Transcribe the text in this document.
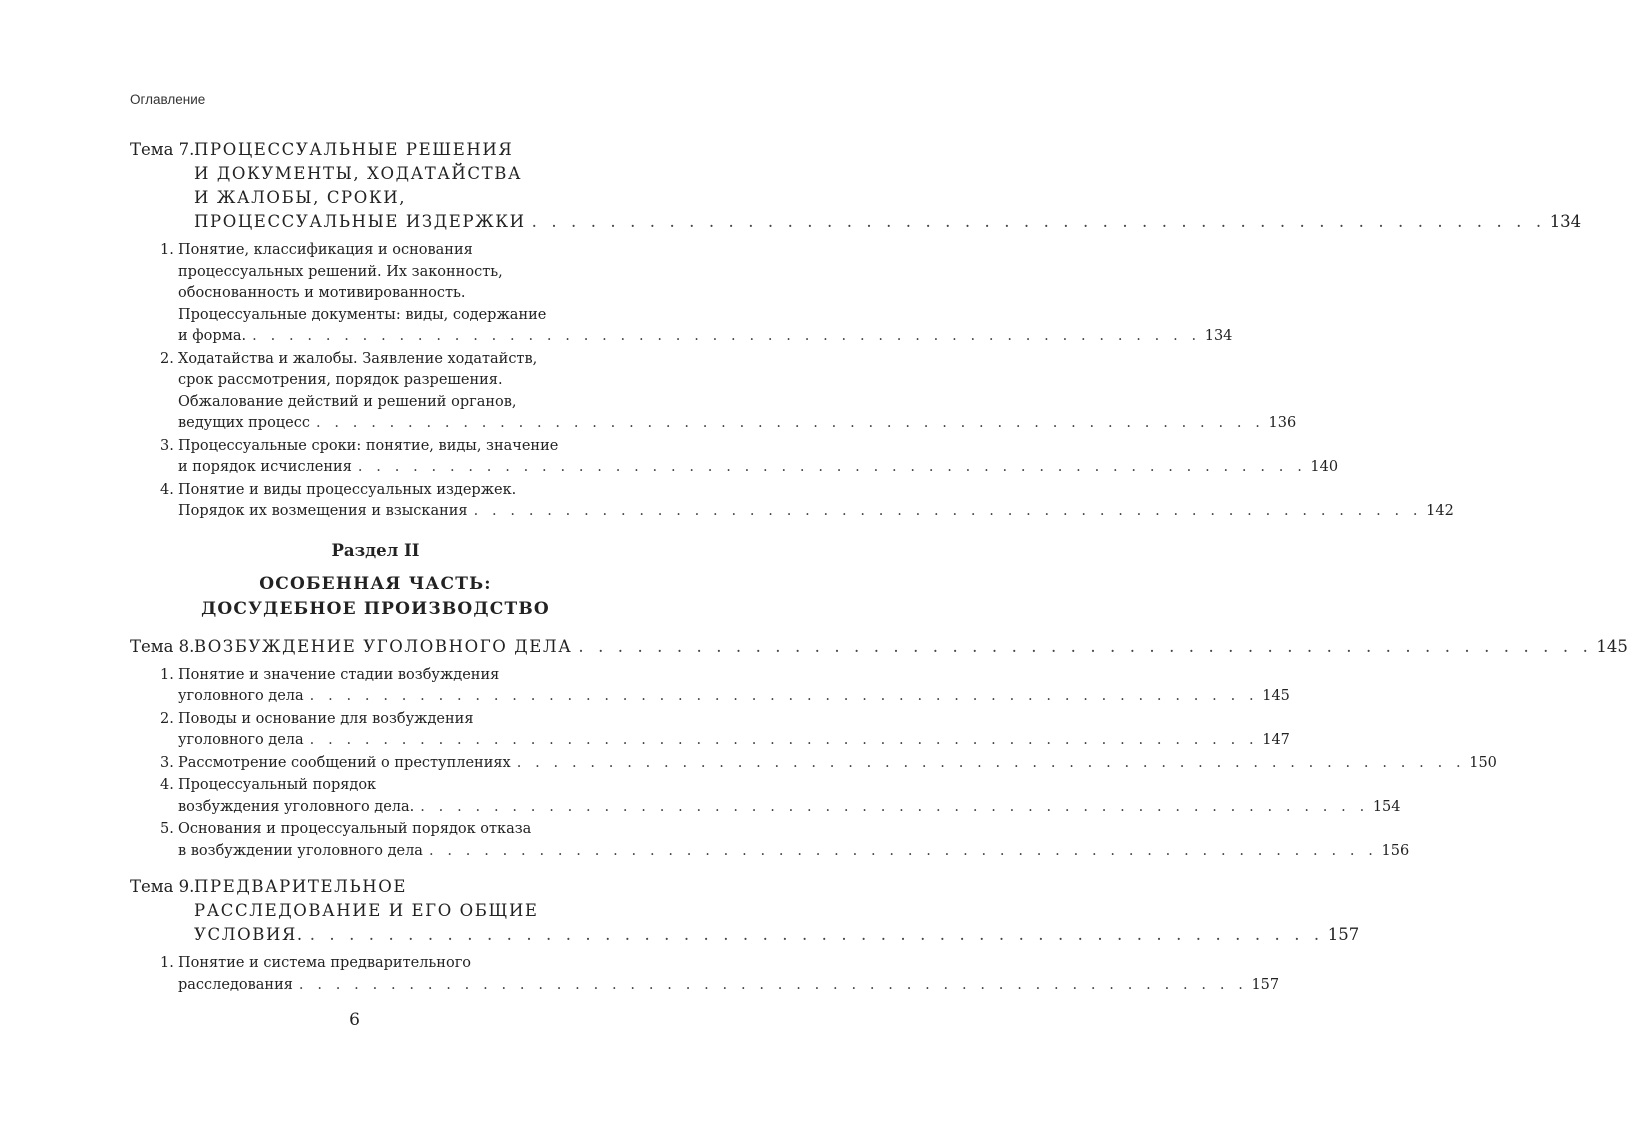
Оглавление
Тема 7. ПРОЦЕССУАЛЬНЫЕ РЕШЕНИЯ
И ДОКУМЕНТЫ, ХОДАТАЙСТВА
И ЖАЛОБЫ, СРОКИ,
ПРОЦЕССУАЛЬНЫЕ ИЗДЕРЖКИ . . . . . . . . . . . . . . . . . . . . . . . . . . . . . . . . . . . . . . . . . . . . . . . . . . . . 134
1. Понятие, классификация и основания
процессуальных решений. Их законность,
обоснованность и мотивированность.
Процессуальные документы: виды, содержание
и форма. . . . . . . . . . . . . . . . . . . . . . . . . . . . . . . . . . . . . . . . . . . . . . . . . . . . . 134
2. Ходатайства и жалобы. Заявление ходатайств,
срок рассмотрения, порядок разрешения.
Обжалование действий и решений органов,
ведущих процесс . . . . . . . . . . . . . . . . . . . . . . . . . . . . . . . . . . . . . . . . . . . . . . . . . . . . 136
3. Процессуальные сроки: понятие, виды, значение
и порядок исчисления . . . . . . . . . . . . . . . . . . . . . . . . . . . . . . . . . . . . . . . . . . . . . . . . . . . . 140
4. Понятие и виды процессуальных издержек.
Порядок их возмещения и взыскания . . . . . . . . . . . . . . . . . . . . . . . . . . . . . . . . . . . . . . . . . . . . . . . . . . . . 142
Раздел II
ОСОБЕННАЯ ЧАСТЬ:
ДОСУДЕБНОЕ ПРОИЗВОДСТВО
Тема 8. ВОЗБУЖДЕНИЕ УГОЛОВНОГО ДЕЛА . . . . . . . . . . . . . . . . . . . . . . . . . . . . . . . . . . . . . . . . . . . . . . . . . . . . 145
1. Понятие и значение стадии возбуждения
уголовного дела . . . . . . . . . . . . . . . . . . . . . . . . . . . . . . . . . . . . . . . . . . . . . . . . . . . . 145
2. Поводы и основание для возбуждения
уголовного дела . . . . . . . . . . . . . . . . . . . . . . . . . . . . . . . . . . . . . . . . . . . . . . . . . . . . 147
3. Рассмотрение сообщений о преступлениях . . . . . . . . . . . . . . . . . . . . . . . . . . . . . . . . . . . . . . . . . . . . . . . . . . . . 150
4. Процессуальный порядок
возбуждения уголовного дела. . . . . . . . . . . . . . . . . . . . . . . . . . . . . . . . . . . . . . . . . . . . . . . . . . . . . 154
5. Основания и процессуальный порядок отказа
в возбуждении уголовного дела . . . . . . . . . . . . . . . . . . . . . . . . . . . . . . . . . . . . . . . . . . . . . . . . . . . . 156
Тема 9. ПРЕДВАРИТЕЛЬНОЕ
РАССЛЕДОВАНИЕ И ЕГО ОБЩИЕ
УСЛОВИЯ. . . . . . . . . . . . . . . . . . . . . . . . . . . . . . . . . . . . . . . . . . . . . . . . . . . . . 157
1. Понятие и система предварительного
расследования . . . . . . . . . . . . . . . . . . . . . . . . . . . . . . . . . . . . . . . . . . . . . . . . . . . . 157
6
